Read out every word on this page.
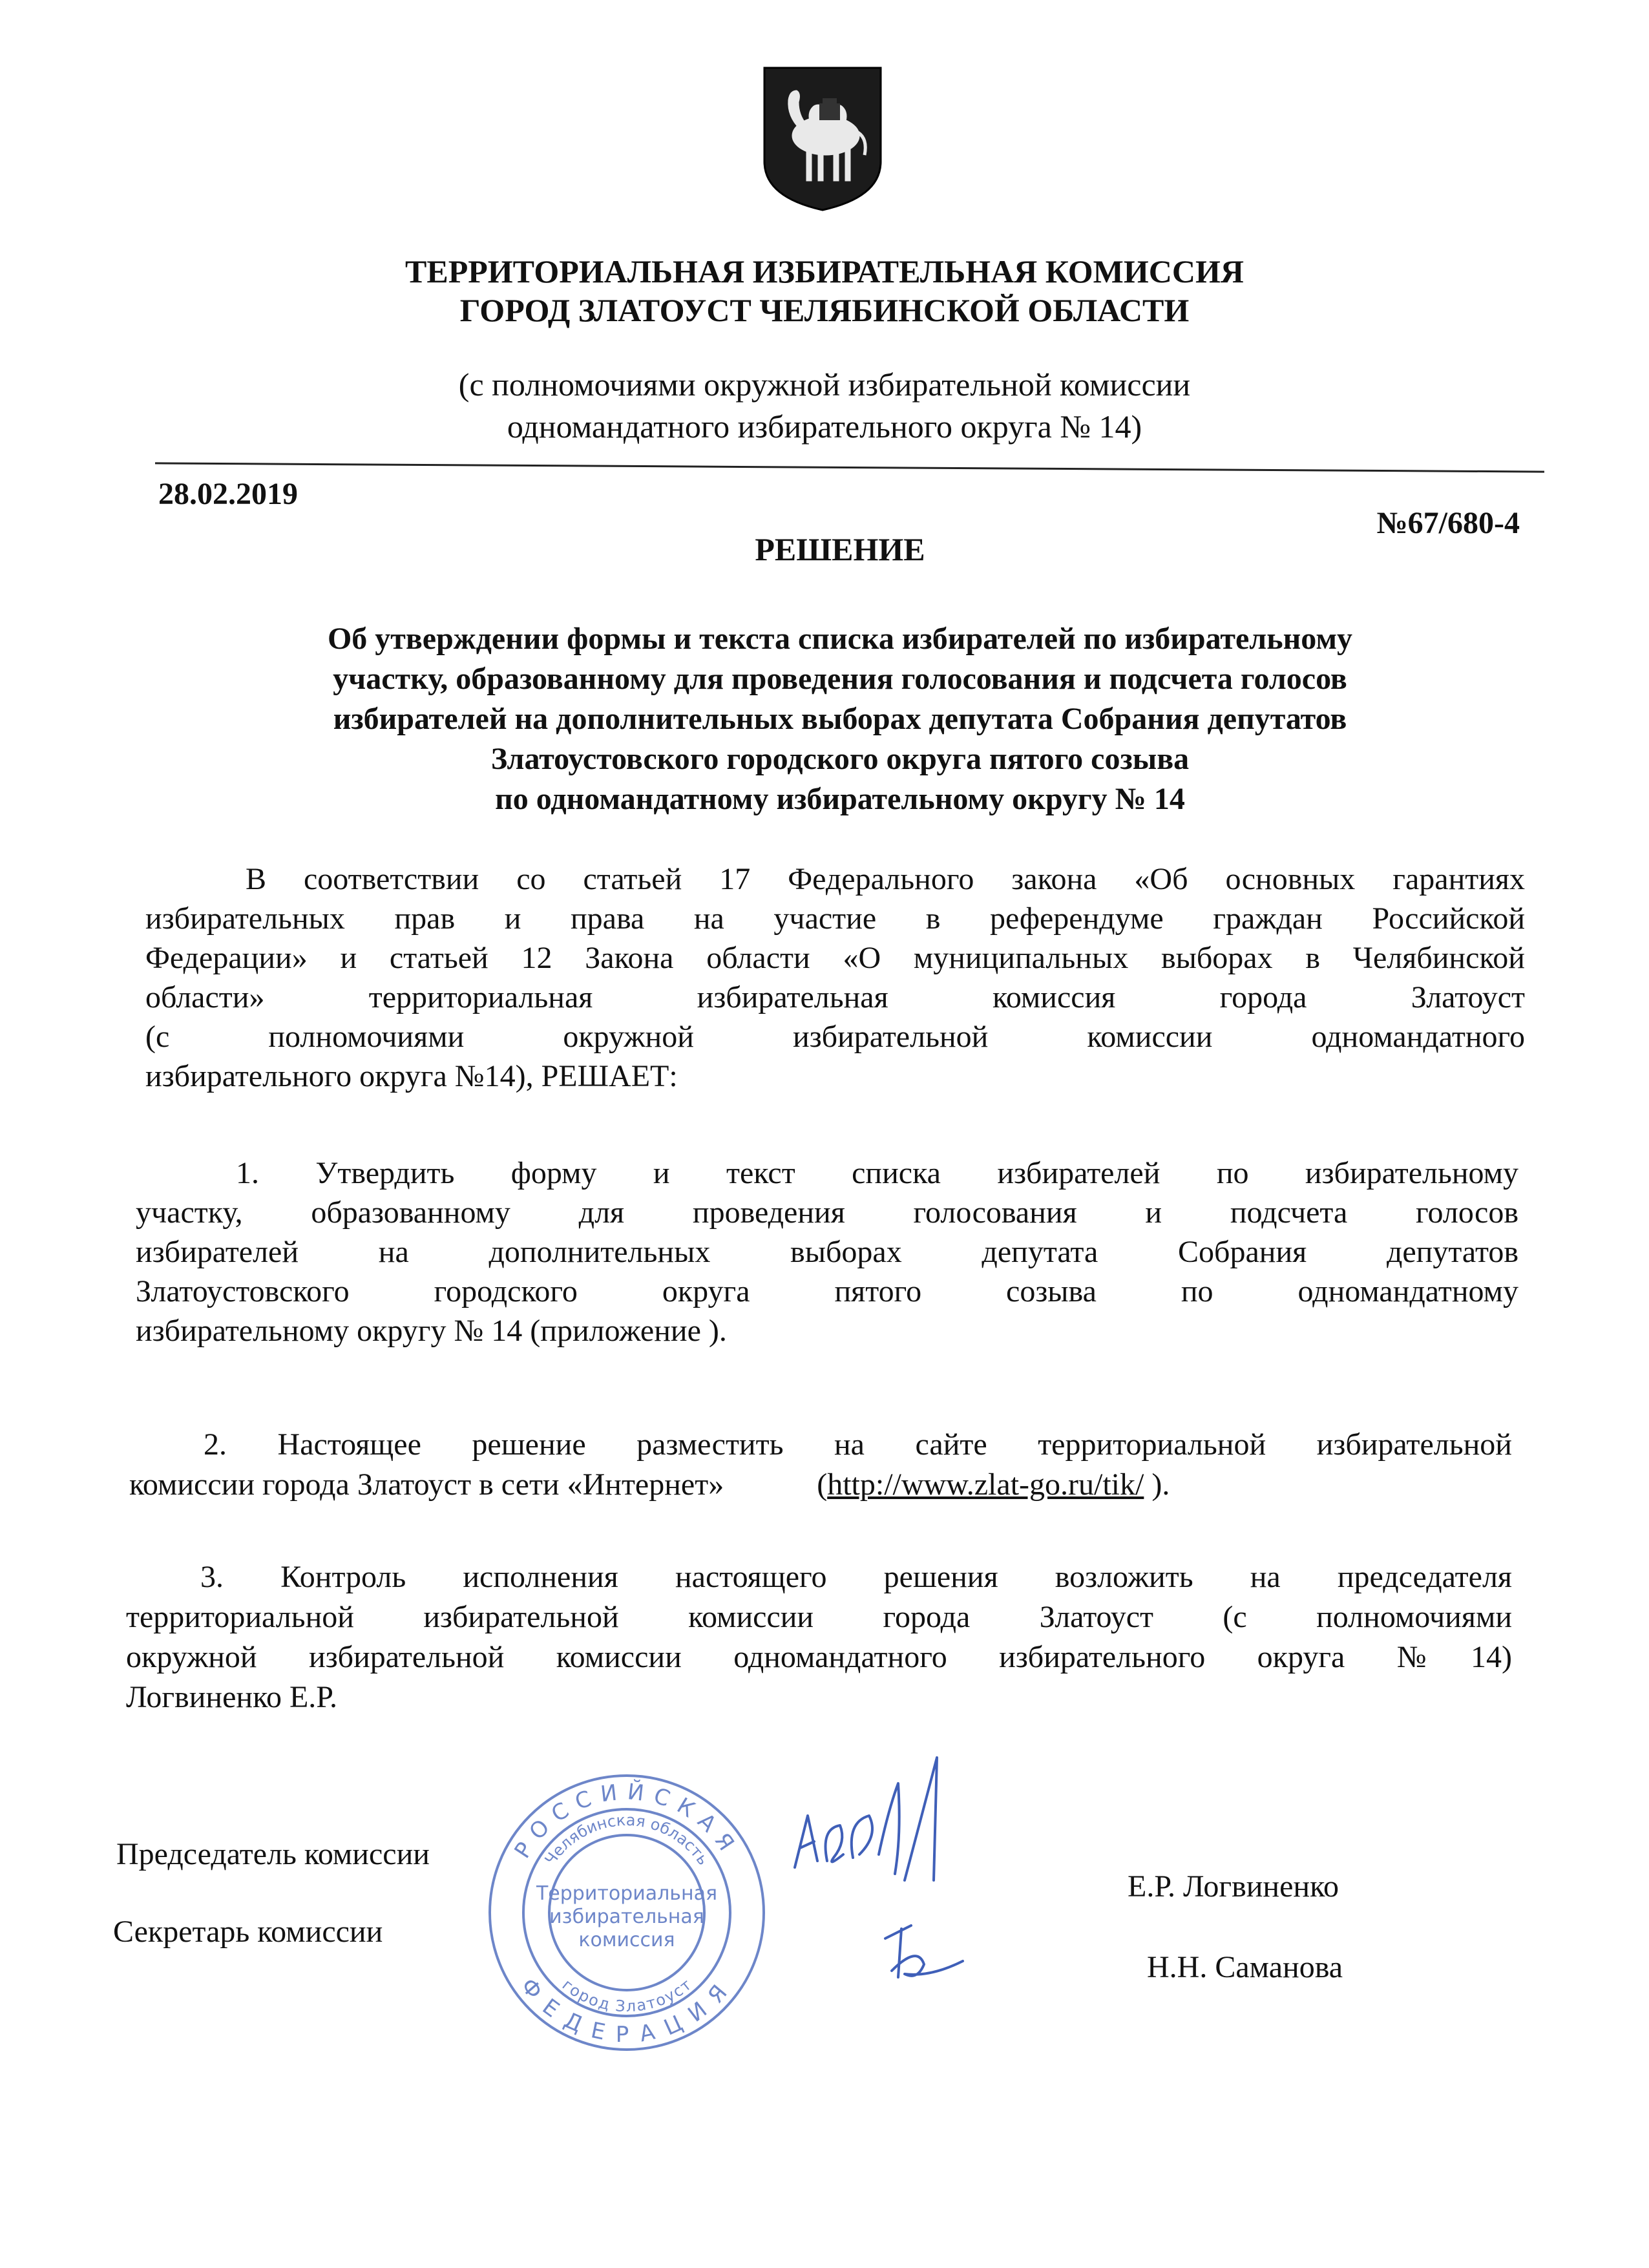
ТЕРРИТОРИАЛЬНАЯ ИЗБИРАТЕЛЬНАЯ КОМИССИЯ
ГОРОД ЗЛАТОУСТ ЧЕЛЯБИНСКОЙ ОБЛАСТИ
(с полномочиями окружной избирательной комиссии
одномандатного избирательного округа № 14)
28.02.2019
№67/680-4
РЕШЕНИЕ
Об утверждении формы и текста списка избирателей по избирательному
участку, образованному для проведения голосования и подсчета голосов
избирателей на дополнительных выборах депутата Собрания депутатов
Златоустовского городского округа пятого созыва
по одномандатному избирательному округу № 14
В соответствии со статьей 17 Федерального закона «Об основных гарантиях
избирательных прав и права на участие в референдуме граждан Российской
Федерации» и статьей 12 Закона области «О муниципальных выборах в Челябинской
области» территориальная избирательная комиссия города Златоуст
(с полномочиями окружной избирательной комиссии одномандатного
избирательного округа №14), РЕШАЕТ:
1. Утвердить форму и текст списка избирателей по избирательному
участку, образованному для проведения голосования и подсчета голосов
избирателей на дополнительных выборах депутата Собрания депутатов
Златоустовского городского округа пятого созыва по одномандатному
избирательному округу № 14 (приложение ).
2. Настоящее решение разместить на сайте территориальной избирательной
комиссии города Златоуст в сети «Интернет»	(http://www.zlat-go.ru/tik/ ).
3. Контроль исполнения настоящего решения возложить на председателя
территориальной избирательной комиссии города Златоуст (с полномочиями
окружной избирательной комиссии одномандатного избирательного округа №14)
Логвиненко Е.Р.
Председатель комиссии
Секретарь комиссии
Е.Р. Логвиненко
Н.Н. Саманова
РОССИЙСКАЯ
ФЕДЕРАЦИЯ
Челябинская область
город Златоуст
Территориальная
избирательная
комиссия
